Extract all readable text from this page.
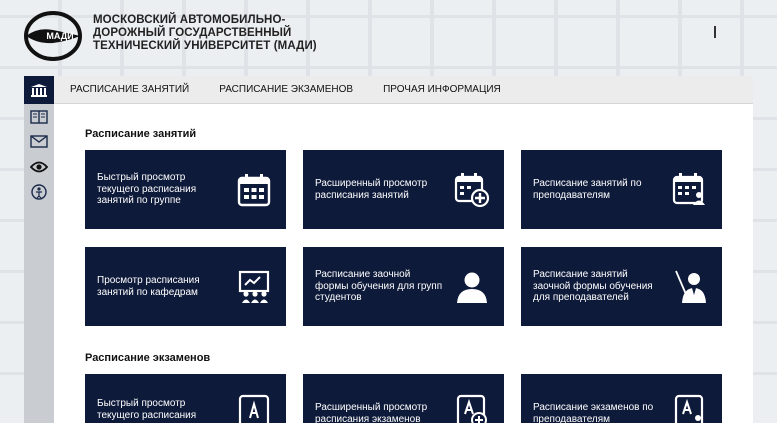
МАДИ
МОСКОВСКИЙ АВТОМОБИЛЬНО-
ДОРОЖНЫЙ ГОСУДАРСТВЕННЫЙ
ТЕХНИЧЕСКИЙ УНИВЕРСИТЕТ (МАДИ)
РАСПИСАНИЕ ЗАНЯТИЙ	РАСПИСАНИЕ ЭКЗАМЕНОВ	ПРОЧАЯ ИНФОРМАЦИЯ
Расписание занятий
Быстрый просмотр текущего расписания занятий по группе
Расширенный просмотр расписания занятий
Расписание занятий по преподавателям
Просмотр расписания занятий по кафедрам
Расписание заочной формы обучения для групп студентов
Расписание занятий заочной формы обучения для преподавателей
Расписание экзаменов
Быстрый просмотр текущего расписания
Расширенный просмотр расписания экзаменов
Расписание экзаменов по преподавателям
